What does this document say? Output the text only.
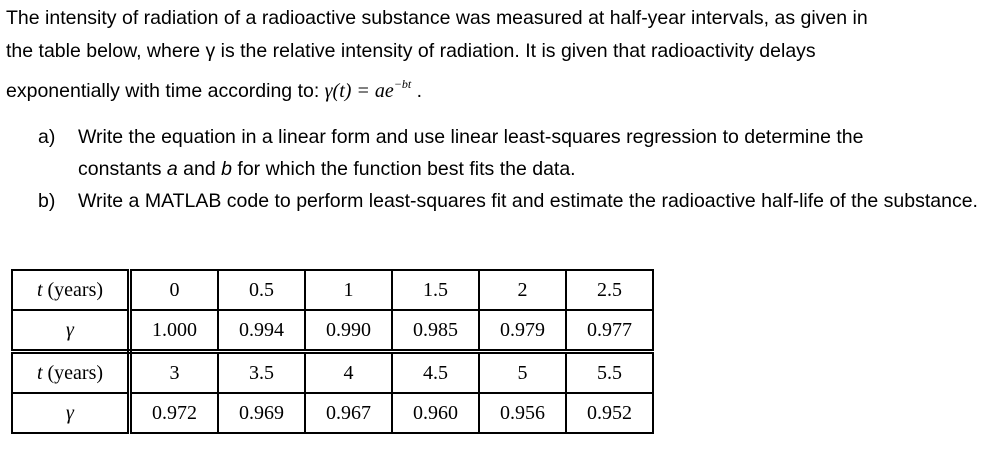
The intensity of radiation of a radioactive substance was measured at half-year intervals, as given in
the table below, where γ is the relative intensity of radiation. It is given that radioactivity delays
exponentially with time according to: $\gamma(t) = ae^{-bt}$ .
a)	Write the equation in a linear form and use linear least-squares regression to determine the
constants a and b for which the function best fits the data.
b)	Write a MATLAB code to perform least-squares fit and estimate the radioactive half-life of the substance.
t (years)	0	0.5	1	1.5	2	2.5
γ	1.000	0.994	0.990	0.985	0.979	0.977
t (years)	3	3.5	4	4.5	5	5.5
γ	0.972	0.969	0.967	0.960	0.956	0.952
